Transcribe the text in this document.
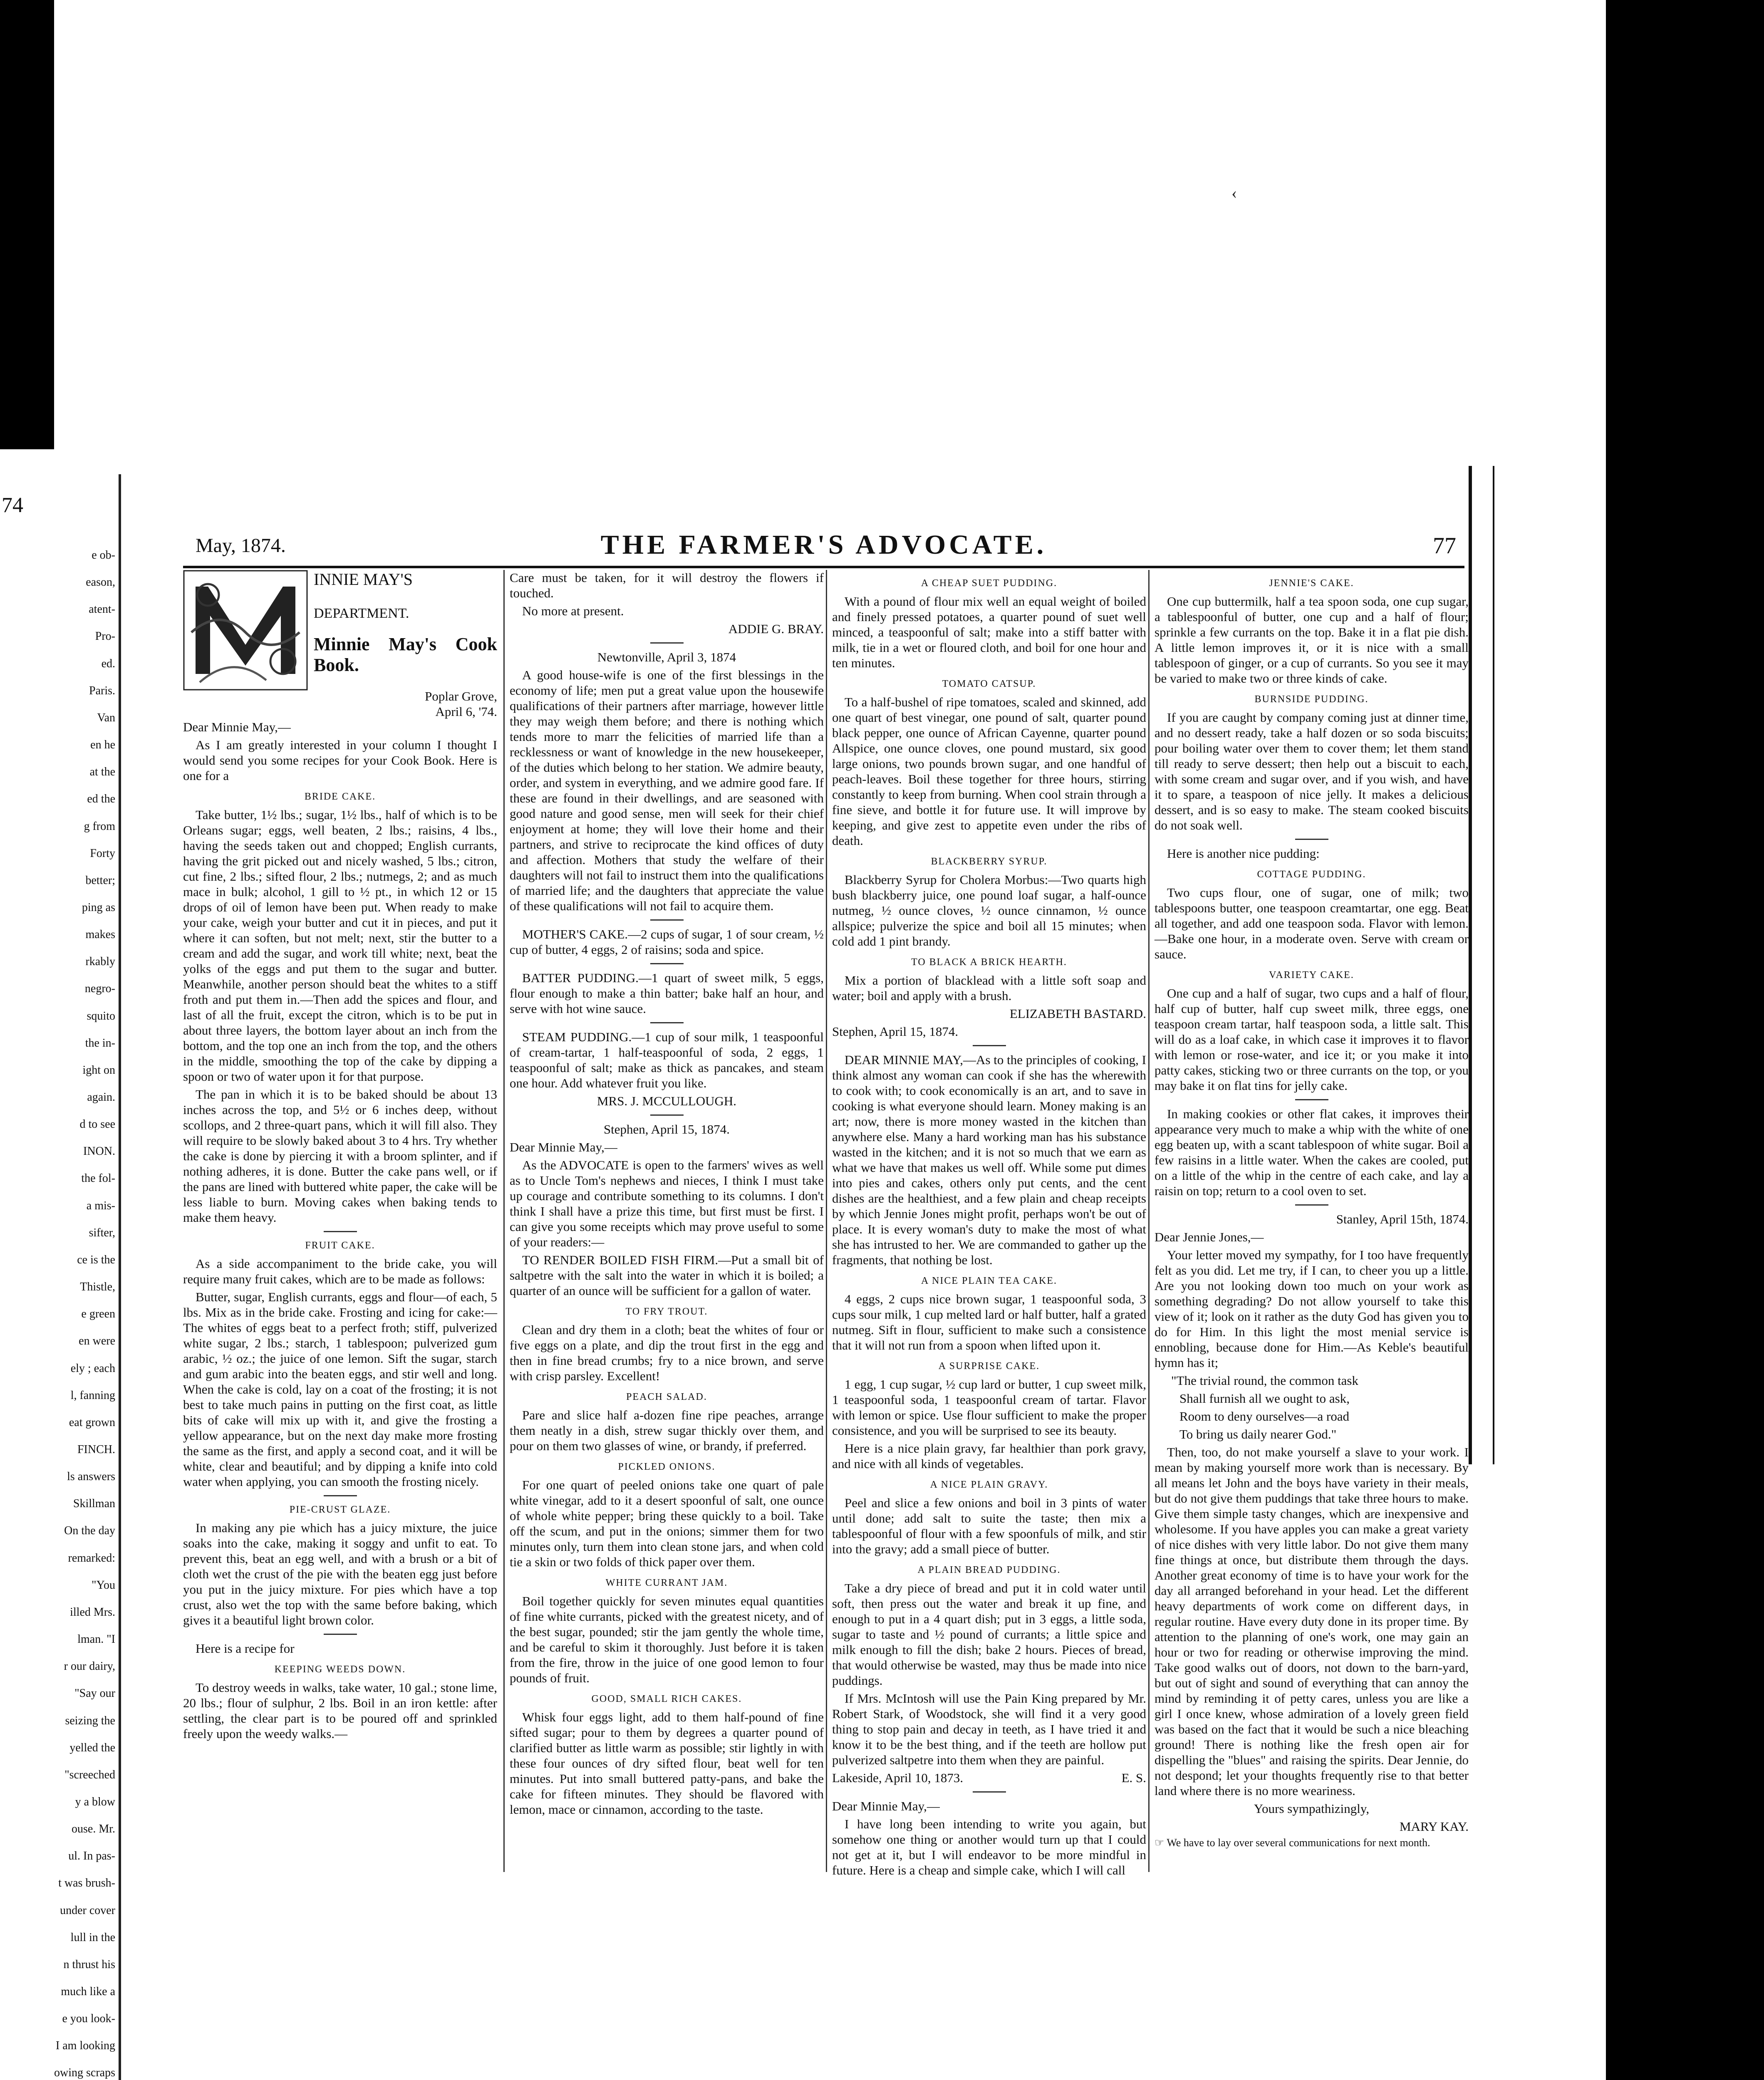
74
e ob-
eason,
atent-
Pro-
ed.
Paris.
Van
en he
at the
ed the
g from
Forty
better;
ping as
makes
rkably
negro-
squito
the in-
ight on
again.
d to see
INON.
the fol-
a mis-
sifter,
ce is the
Thistle,
e green
en were
ely ; each
l, fanning
eat grown
FINCH.
ls answers
Skillman
On the day
remarked:
"You
illed Mrs.
lman. "I
r our dairy,
"Say our
seizing the
yelled the
"screeched
y a blow
ouse. Mr.
ul. In pas-
t was brush-
under cover
lull in the
n thrust his
much like a
e you look-
I am looking
owing scraps
‹
May, 1874.	THE FARMER'S ADVOCATE.	77
INNIE MAY'S
DEPARTMENT.
Minnie May's Cook Book.
Poplar Grove,
April 6, '74.

Dear Minnie May,—

As I am greatly interested in your column I thought I would send you some recipes for your Cook Book. Here is one for a

BRIDE CAKE.

Take butter, 1½ lbs.; sugar, 1½ lbs., half of which is to be Orleans sugar; eggs, well beaten, 2 lbs.; raisins, 4 lbs., having the seeds taken out and chopped; English currants, having the grit picked out and nicely washed, 5 lbs.; citron, cut fine, 2 lbs.; sifted flour, 2 lbs.; nutmegs, 2; and as much mace in bulk; alcohol, 1 gill to ½ pt., in which 12 or 15 drops of oil of lemon have been put. When ready to make your cake, weigh your butter and cut it in pieces, and put it where it can soften, but not melt; next, stir the butter to a cream and add the sugar, and work till white; next, beat the yolks of the eggs and put them to the sugar and butter. Meanwhile, another person should beat the whites to a stiff froth and put them in.—Then add the spices and flour, and last of all the fruit, except the citron, which is to be put in about three layers, the bottom layer about an inch from the bottom, and the top one an inch from the top, and the others in the middle, smoothing the top of the cake by dipping a spoon or two of water upon it for that purpose.

The pan in which it is to be baked should be about 13 inches across the top, and 5½ or 6 inches deep, without scollops, and 2 three-quart pans, which it will fill also. They will require to be slowly baked about 3 to 4 hrs. Try whether the cake is done by piercing it with a broom splinter, and if nothing adheres, it is done. Butter the cake pans well, or if the pans are lined with buttered white paper, the cake will be less liable to burn. Moving cakes when baking tends to make them heavy.

FRUIT CAKE.

As a side accompaniment to the bride cake, you will require many fruit cakes, which are to be made as follows:

Butter, sugar, English currants, eggs and flour—of each, 5 lbs. Mix as in the bride cake. Frosting and icing for cake:—The whites of eggs beat to a perfect froth; stiff, pulverized white sugar, 2 lbs.; starch, 1 tablespoon; pulverized gum arabic, ½ oz.; the juice of one lemon. Sift the sugar, starch and gum arabic into the beaten eggs, and stir well and long. When the cake is cold, lay on a coat of the frosting; it is not best to take much pains in putting on the first coat, as little bits of cake will mix up with it, and give the frosting a yellow appearance, but on the next day make more frosting the same as the first, and apply a second coat, and it will be white, clear and beautiful; and by dipping a knife into cold water when applying, you can smooth the frosting nicely.

PIE-CRUST GLAZE.

In making any pie which has a juicy mixture, the juice soaks into the cake, making it soggy and unfit to eat. To prevent this, beat an egg well, and with a brush or a bit of cloth wet the crust of the pie with the beaten egg just before you put in the juicy mixture. For pies which have a top crust, also wet the top with the same before baking, which gives it a beautiful light brown color.

Here is a recipe for

KEEPING WEEDS DOWN.

To destroy weeds in walks, take water, 10 gal.; stone lime, 20 lbs.; flour of sulphur, 2 lbs. Boil in an iron kettle: after settling, the clear part is to be poured off and sprinkled freely upon the weedy walks.—

Care must be taken, for it will destroy the flowers if touched.

No more at present.

ADDIE G. BRAY.

Newtonville, April 3, 1874

A good house-wife is one of the first blessings in the economy of life; men put a great value upon the housewife qualifications of their partners after marriage, however little they may weigh them before; and there is nothing which tends more to marr the felicities of married life than a recklessness or want of knowledge in the new housekeeper, of the duties which belong to her station. We admire beauty, order, and system in everything, and we admire good fare. If these are found in their dwellings, and are seasoned with good nature and good sense, men will seek for their chief enjoyment at home; they will love their home and their partners, and strive to reciprocate the kind offices of duty and affection. Mothers that study the welfare of their daughters will not fail to instruct them into the qualifications of married life; and the daughters that appreciate the value of these qualifications will not fail to acquire them.

MOTHER'S CAKE.—2 cups of sugar, 1 of sour cream, ½ cup of butter, 4 eggs, 2 of raisins; soda and spice.

BATTER PUDDING.—1 quart of sweet milk, 5 eggs, flour enough to make a thin batter; bake half an hour, and serve with hot wine sauce.

STEAM PUDDING.—1 cup of sour milk, 1 teaspoonful of cream-tartar, 1 half-teaspoonful of soda, 2 eggs, 1 teaspoonful of salt; make as thick as pancakes, and steam one hour. Add whatever fruit you like.

MRS. J. MCCULLOUGH.

Stephen, April 15, 1874.

Dear Minnie May,—

As the ADVOCATE is open to the farmers' wives as well as to Uncle Tom's nephews and nieces, I think I must take up courage and contribute something to its columns. I don't think I shall have a prize this time, but first must be first. I can give you some receipts which may prove useful to some of your readers:—

TO RENDER BOILED FISH FIRM.—Put a small bit of saltpetre with the salt into the water in which it is boiled; a quarter of an ounce will be sufficient for a gallon of water.

TO FRY TROUT.

Clean and dry them in a cloth; beat the whites of four or five eggs on a plate, and dip the trout first in the egg and then in fine bread crumbs; fry to a nice brown, and serve with crisp parsley. Excellent!

PEACH SALAD.

Pare and slice half a-dozen fine ripe peaches, arrange them neatly in a dish, strew sugar thickly over them, and pour on them two glasses of wine, or brandy, if preferred.

PICKLED ONIONS.

For one quart of peeled onions take one quart of pale white vinegar, add to it a desert spoonful of salt, one ounce of whole white pepper; bring these quickly to a boil. Take off the scum, and put in the onions; simmer them for two minutes only, turn them into clean stone jars, and when cold tie a skin or two folds of thick paper over them.

WHITE CURRANT JAM.

Boil together quickly for seven minutes equal quantities of fine white currants, picked with the greatest nicety, and of the best sugar, pounded; stir the jam gently the whole time, and be careful to skim it thoroughly. Just before it is taken from the fire, throw in the juice of one good lemon to four pounds of fruit.

GOOD, SMALL RICH CAKES.

Whisk four eggs light, add to them half-pound of fine sifted sugar; pour to them by degrees a quarter pound of clarified butter as little warm as possible; stir lightly in with these four ounces of dry sifted flour, beat well for ten minutes. Put into small buttered patty-pans, and bake the cake for fifteen minutes. They should be flavored with lemon, mace or cinnamon, according to the taste.

A CHEAP SUET PUDDING.

With a pound of flour mix well an equal weight of boiled and finely pressed potatoes, a quarter pound of suet well minced, a teaspoonful of salt; make into a stiff batter with milk, tie in a wet or floured cloth, and boil for one hour and ten minutes.

TOMATO CATSUP.

To a half-bushel of ripe tomatoes, scaled and skinned, add one quart of best vinegar, one pound of salt, quarter pound black pepper, one ounce of African Cayenne, quarter pound Allspice, one ounce cloves, one pound mustard, six good large onions, two pounds brown sugar, and one handful of peach-leaves. Boil these together for three hours, stirring constantly to keep from burning. When cool strain through a fine sieve, and bottle it for future use. It will improve by keeping, and give zest to appetite even under the ribs of death.

BLACKBERRY SYRUP.

Blackberry Syrup for Cholera Morbus:—Two quarts high bush blackberry juice, one pound loaf sugar, a half-ounce nutmeg, ½ ounce cloves, ½ ounce cinnamon, ½ ounce allspice; pulverize the spice and boil all 15 minutes; when cold add 1 pint brandy.

TO BLACK A BRICK HEARTH.

Mix a portion of blacklead with a little soft soap and water; boil and apply with a brush.

ELIZABETH BASTARD.

Stephen, April 15, 1874.

DEAR MINNIE MAY,—As to the principles of cooking, I think almost any woman can cook if she has the wherewith to cook with; to cook economically is an art, and to save in cooking is what everyone should learn. Money making is an art; now, there is more money wasted in the kitchen than anywhere else. Many a hard working man has his substance wasted in the kitchen; and it is not so much that we earn as what we have that makes us well off. While some put dimes into pies and cakes, others only put cents, and the cent dishes are the healthiest, and a few plain and cheap receipts by which Jennie Jones might profit, perhaps won't be out of place. It is every woman's duty to make the most of what she has intrusted to her. We are commanded to gather up the fragments, that nothing be lost.

A NICE PLAIN TEA CAKE.

4 eggs, 2 cups nice brown sugar, 1 teaspoonful soda, 3 cups sour milk, 1 cup melted lard or half butter, half a grated nutmeg. Sift in flour, sufficient to make such a consistence that it will not run from a spoon when lifted upon it.

A SURPRISE CAKE.

1 egg, 1 cup sugar, ½ cup lard or butter, 1 cup sweet milk, 1 teaspoonful soda, 1 teaspoonful cream of tartar. Flavor with lemon or spice. Use flour sufficient to make the proper consistence, and you will be surprised to see its beauty.

Here is a nice plain gravy, far healthier than pork gravy, and nice with all kinds of vegetables.

A NICE PLAIN GRAVY.

Peel and slice a few onions and boil in 3 pints of water until done; add salt to suite the taste; then mix a tablespoonful of flour with a few spoonfuls of milk, and stir into the gravy; add a small piece of butter.

A PLAIN BREAD PUDDING.

Take a dry piece of bread and put it in cold water until soft, then press out the water and break it up fine, and enough to put in a 4 quart dish; put in 3 eggs, a little soda, sugar to taste and ½ pound of currants; a little spice and milk enough to fill the dish; bake 2 hours. Pieces of bread, that would otherwise be wasted, may thus be made into nice puddings.

If Mrs. McIntosh will use the Pain King prepared by Mr. Robert Stark, of Woodstock, she will find it a very good thing to stop pain and decay in teeth, as I have tried it and know it to be the best thing, and if the teeth are hollow put pulverized saltpetre into them when they are painful.

Lakeside, April 10, 1873.	E. S.

Dear Minnie May,—

I have long been intending to write you again, but somehow one thing or another would turn up that I could not get at it, but I will endeavor to be more mindful in future. Here is a cheap and simple cake, which I will call

JENNIE'S CAKE.

One cup buttermilk, half a tea spoon soda, one cup sugar, a tablespoonful of butter, one cup and a half of flour; sprinkle a few currants on the top. Bake it in a flat pie dish. A little lemon improves it, or it is nice with a small tablespoon of ginger, or a cup of currants. So you see it may be varied to make two or three kinds of cake.

BURNSIDE PUDDING.

If you are caught by company coming just at dinner time, and no dessert ready, take a half dozen or so soda biscuits; pour boiling water over them to cover them; let them stand till ready to serve dessert; then help out a biscuit to each, with some cream and sugar over, and if you wish, and have it to spare, a teaspoon of nice jelly. It makes a delicious dessert, and is so easy to make. The steam cooked biscuits do not soak well.

Here is another nice pudding:

COTTAGE PUDDING.

Two cups flour, one of sugar, one of milk; two tablespoons butter, one teaspoon creamtartar, one egg. Beat all together, and add one teaspoon soda. Flavor with lemon.—Bake one hour, in a moderate oven. Serve with cream or sauce.

VARIETY CAKE.

One cup and a half of sugar, two cups and a half of flour, half cup of butter, half cup sweet milk, three eggs, one teaspoon cream tartar, half teaspoon soda, a little salt. This will do as a loaf cake, in which case it improves it to flavor with lemon or rose-water, and ice it; or you make it into patty cakes, sticking two or three currants on the top, or you may bake it on flat tins for jelly cake.

In making cookies or other flat cakes, it improves their appearance very much to make a whip with the white of one egg beaten up, with a scant tablespoon of white sugar. Boil a few raisins in a little water. When the cakes are cooled, put on a little of the whip in the centre of each cake, and lay a raisin on top; return to a cool oven to set.

Stanley, April 15th, 1874.

Dear Jennie Jones,—

Your letter moved my sympathy, for I too have frequently felt as you did. Let me try, if I can, to cheer you up a little. Are you not looking down too much on your work as something degrading? Do not allow yourself to take this view of it; look on it rather as the duty God has given you to do for Him. In this light the most menial service is ennobling, because done for Him.—As Keble's beautiful hymn has it;

"The trivial round, the common task

Shall furnish all we ought to ask,

Room to deny ourselves—a road

To bring us daily nearer God."

Then, too, do not make yourself a slave to your work. I mean by making yourself more work than is necessary. By all means let John and the boys have variety in their meals, but do not give them puddings that take three hours to make. Give them simple tasty changes, which are inexpensive and wholesome. If you have apples you can make a great variety of nice dishes with very little labor. Do not give them many fine things at once, but distribute them through the days. Another great economy of time is to have your work for the day all arranged beforehand in your head. Let the different heavy departments of work come on different days, in regular routine. Have every duty done in its proper time. By attention to the planning of one's work, one may gain an hour or two for reading or otherwise improving the mind. Take good walks out of doors, not down to the barn-yard, but out of sight and sound of everything that can annoy the mind by reminding it of petty cares, unless you are like a girl I once knew, whose admiration of a lovely green field was based on the fact that it would be such a nice bleaching ground! There is nothing like the fresh open air for dispelling the "blues" and raising the spirits. Dear Jennie, do not despond; let your thoughts frequently rise to that better land where there is no more weariness.

Yours sympathizingly,

MARY KAY.

☞ We have to lay over several communications for next month.
